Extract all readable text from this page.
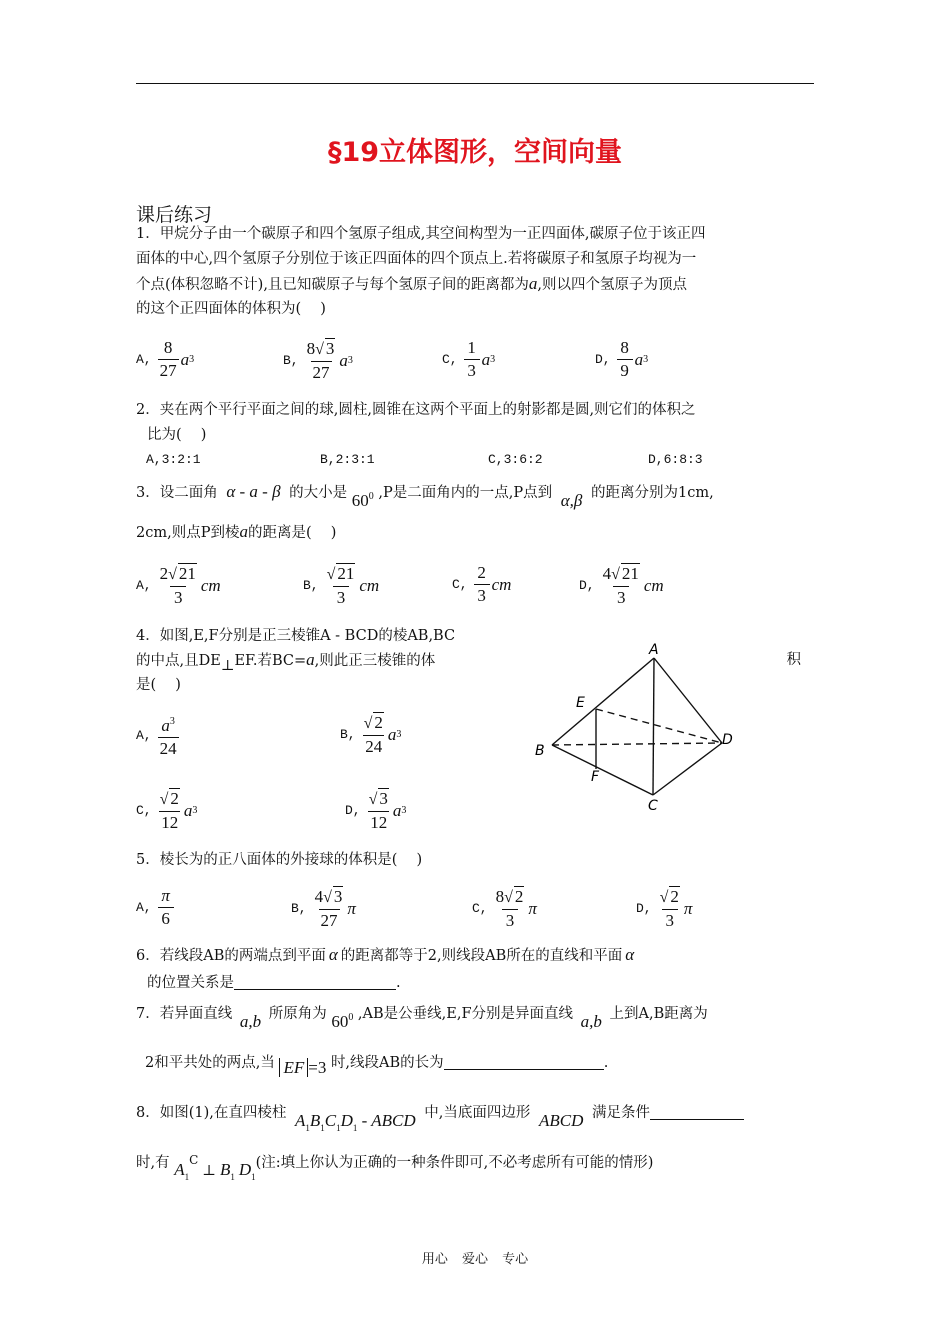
§19立体图形，空间向量
课后练习
1．甲烷分子由一个碳原子和四个氢原子组成,其空间构型为一正四面体,碳原子位于该正四
面体的中心,四个氢原子分别位于该正四面体的四个顶点上.若将碳原子和氢原子均视为一
个点(体积忽略不计),且已知碳原子与每个氢原子间的距离都为a,则以四个氢原子为顶点
的这个正四面体的体积为(　 )
A, $\frac{8}{27}$ a 3	B, $\frac{8√ 3}{27}$ a 3	C, $\frac{1}{3}$ a 3	D, $\frac{8}{9}$ a 3
2．夹在两个平行平面之间的球,圆柱,圆锥在这两个平面上的射影都是圆,则它们的体积之
比为(　 )
A,3:2:1	B,2:3:1	C,3:6:2	D,6:8:3
3．设二面角 α - a - β 的大小是 $60^0$ ,P是二面角内的一点,P点到 α,β 的距离分别为1cm,
2cm,则点P到棱a的距离是(　 )
A, $\frac{2√ 21}{3}$ cm	B, $\frac{√ 21}{3}$ cm	C, $\frac{2}{3}$ cm	D, $\frac{4√ 21}{3}$ cm
4．如图,E,F分别是正三棱锥A - BCD的棱AB,BC
的中点,且DE⊥EF.若BC=a,则此正三棱锥的体	积
是(　 )
A, $\frac{a^3}{24}$	B, $\frac{√ 2}{24}$ a 3
C, $\frac{√ 2}{12}$ a 3	D, $\frac{√ 3}{12}$ a 3
A
B
C
D
E
F
5．棱长为的正八面体的外接球的体积是(　 )
A, $\frac{\pi}{6}$	B, $\frac{4√ 3}{27}$ π	C, $\frac{8√ 2}{3}$ π	D, $\frac{√ 2}{3}$ π
6．若线段AB的两端点到平面 α 的距离都等于2,则线段AB所在的直线和平面 α
的位置关系是	.
7．若异面直线 a,b 所原角为 $60^0$ ,AB是公垂线,E,F分别是异面直线 a,b 上到A,B距离为
2和平共处的两点,当 EF =3 时,线段AB的长为	.
8．如图(1),在直四棱柱 $A_1B_1C_1D_1$ - ABCD 中,当底面四边形 ABCD 满足条件
时,有 $A_1^C\perp$ $B_1$ $D_1$(注:填上你认为正确的一种条件即可,不必考虑所有可能的情形)
用心 爱心 专心
